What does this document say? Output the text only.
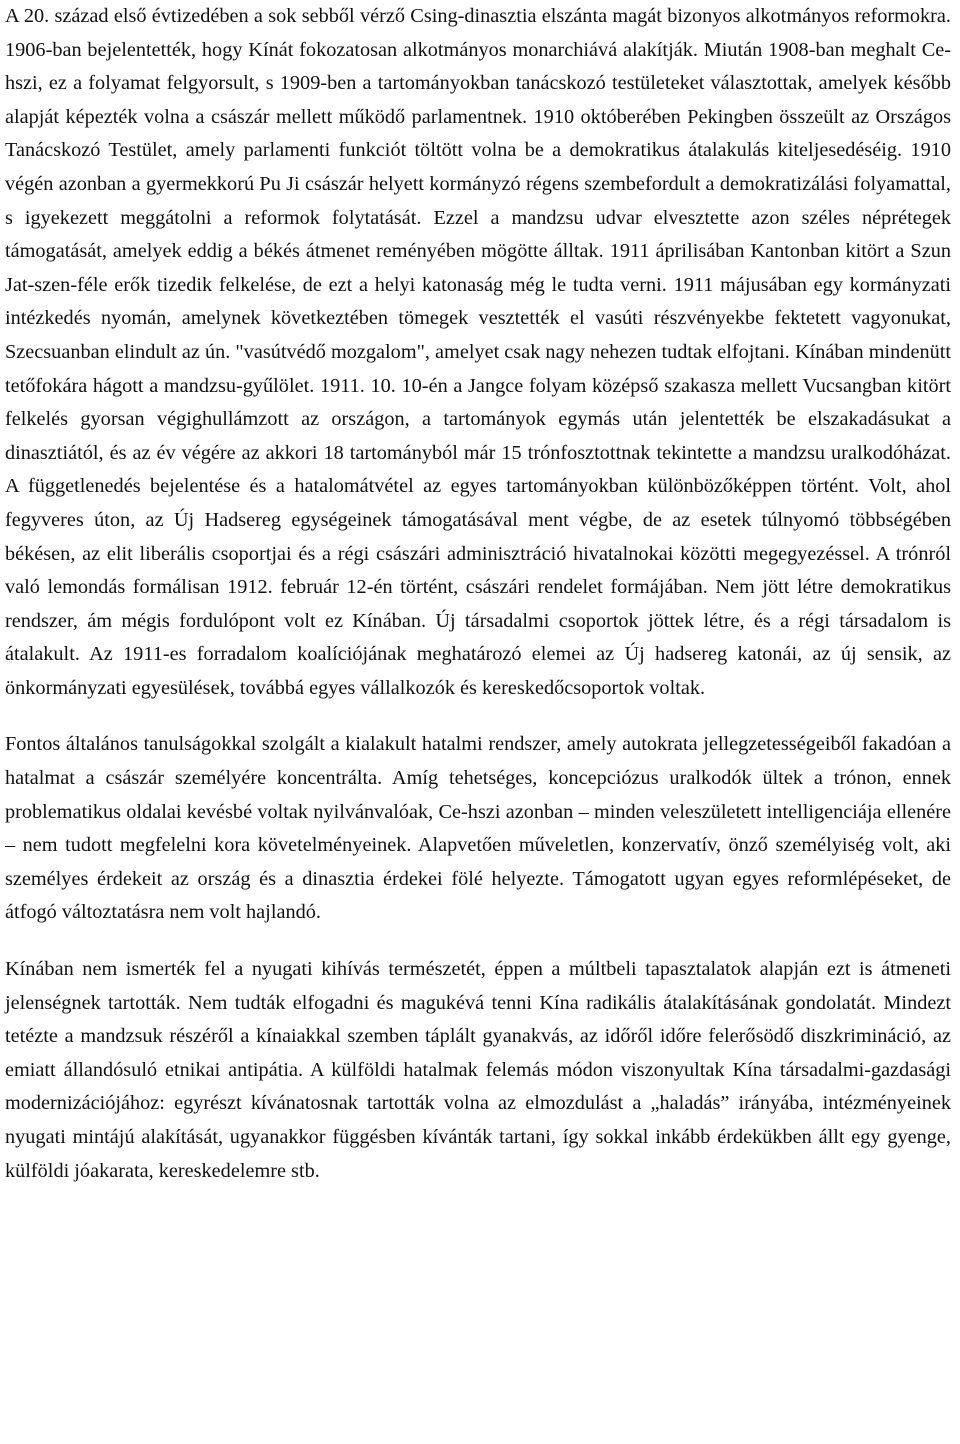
A 20. század első évtizedében a sok sebből vérző Csing-dinasztia elszánta magát bizonyos alkotmányos reformokra. 1906-ban bejelentették, hogy Kínát fokozatosan alkotmányos monarchiává alakítják. Miután 1908-ban meghalt Ce-hszi, ez a folyamat felgyorsult, s 1909-ben a tartományokban tanácskozó testületeket választottak, amelyek később alapját képezték volna a császár mellett működő parlamentnek. 1910 októberében Pekingben összeült az Országos Tanácskozó Testület, amely parlamenti funkciót töltött volna be a demokratikus átalakulás kiteljesedéséig. 1910 végén azonban a gyermekkorú Pu Ji császár helyett kormányzó régens szembefordult a demokratizálási folyamattal, s igyekezett meggátolni a reformok folytatását. Ezzel a mandzsu udvar elvesztette azon széles néprétegek támogatását, amelyek eddig a békés átmenet reményében mögötte álltak. 1911 áprilisában Kantonban kitört a Szun Jat-szen-féle erők tizedik felkelése, de ezt a helyi katonaság még le tudta verni. 1911 májusában egy kormányzati intézkedés nyomán, amelynek következtében tömegek vesztették el vasúti részvényekbe fektetett vagyonukat, Szecsuanban elindult az ún. "vasútvédő mozgalom", amelyet csak nagy nehezen tudtak elfojtani. Kínában mindenütt tetőfokára hágott a mandzsu-gyűlölet. 1911. 10. 10-én a Jangce folyam középső szakasza mellett Vucsangban kitört felkelés gyorsan végighullámzott az országon, a tartományok egymás után jelentették be elszakadásukat a dinasztiától, és az év végére az akkori 18 tartományból már 15 trónfosztottnak tekintette a mandzsu uralkodóházat. A függetlenedés bejelentése és a hatalomátvétel az egyes tartományokban különbözőképpen történt. Volt, ahol fegyveres úton, az Új Hadsereg egységeinek támogatásával ment végbe, de az esetek túlnyomó többségében békésen, az elit liberális csoportjai és a régi császári adminisztráció hivatalnokai közötti megegyezéssel. A trónról való lemondás formálisan 1912. február 12-én történt, császári rendelet formájában. Nem jött létre demokratikus rendszer, ám mégis fordulópont volt ez Kínában. Új társadalmi csoportok jöttek létre, és a régi társadalom is átalakult. Az 1911-es forradalom koalíciójának meghatározó elemei az Új hadsereg katonái, az új sensik, az önkormányzati egyesülések, továbbá egyes vállalkozók és kereskedőcsoportok voltak.

Fontos általános tanulságokkal szolgált a kialakult hatalmi rendszer, amely autokrata jellegzetességeiből fakadóan a hatalmat a császár személyére koncentrálta. Amíg tehetséges, koncepciózus uralkodók ültek a trónon, ennek problematikus oldalai kevésbé voltak nyilvánvalóak, Ce-hszi azonban – minden veleszületett intelligenciája ellenére – nem tudott megfelelni kora követelményeinek. Alapvetően műveletlen, konzervatív, önző személyiség volt, aki személyes érdekeit az ország és a dinasztia érdekei fölé helyezte. Támogatott ugyan egyes reformlépéseket, de átfogó változtatásra nem volt hajlandó.

Kínában nem ismerték fel a nyugati kihívás természetét, éppen a múltbeli tapasztalatok alapján ezt is átmeneti jelenségnek tartották. Nem tudták elfogadni és magukévá tenni Kína radikális átalakításának gondolatát. Mindezt tetézte a mandzsuk részéről a kínaiakkal szemben táplált gyanakvás, az időről időre felerősödő diszkrimináció, az emiatt állandósuló etnikai antipátia. A külföldi hatalmak felemás módon viszonyultak Kína társadalmi-gazdasági modernizációjához: egyrészt kívánatosnak tartották volna az elmozdulást a „haladás” irányába, intézményeinek nyugati mintájú alakítását, ugyanakkor függésben kívánták tartani, így sokkal inkább érdekükben állt egy gyenge, külföldi jóakarata, kereskedelemre stb.
